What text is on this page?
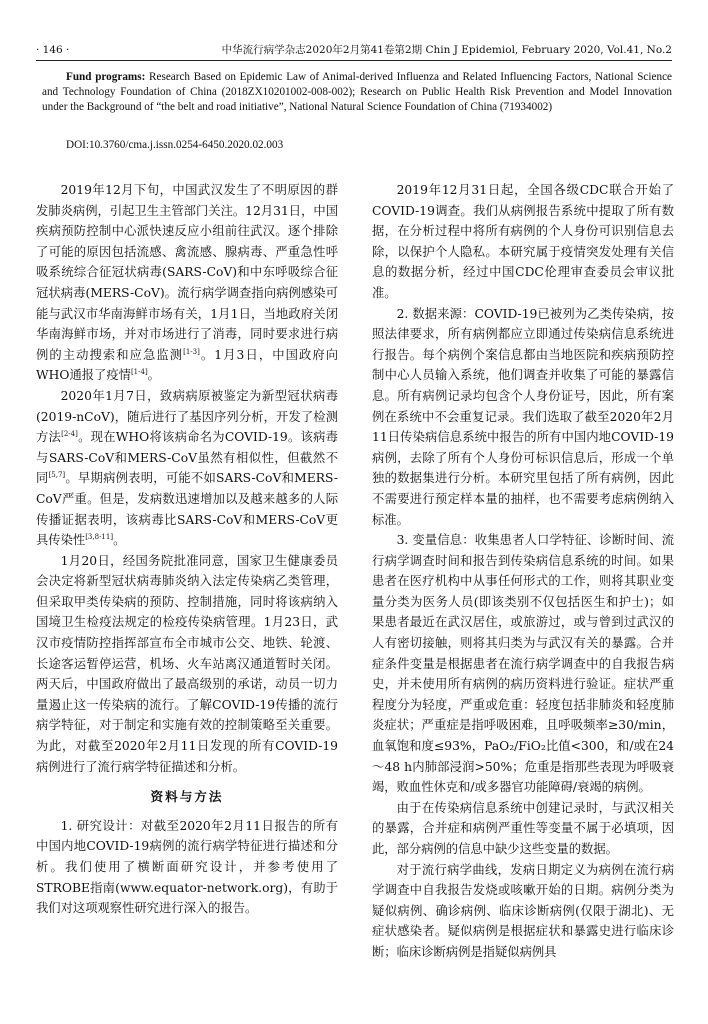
· 146 ·	中华流行病学杂志2020年2月第41卷第2期 Chin J Epidemiol, February 2020, Vol.41, No.2
Fund programs: Research Based on Epidemic Law of Animal-derived Influenza and Related Influencing Factors, National Science and Technology Foundation of China (2018ZX10201002-008-002); Research on Public Health Risk Prevention and Model Innovation under the Background of “the belt and road initiative”, National Natural Science Foundation of China (71934002)
DOI:10.3760/cma.j.issn.0254-6450.2020.02.003

2019年12月下旬，中国武汉发生了不明原因的群发肺炎病例，引起卫生主管部门关注。12月31日，中国疾病预防控制中心派快速反应小组前往武汉。逐个排除了可能的原因包括流感、禽流感、腺病毒、严重急性呼吸系统综合征冠状病毒(SARS-CoV)和中东呼吸综合征冠状病毒(MERS-CoV)。流行病学调查指向病例感染可能与武汉市华南海鲜市场有关，1月1日，当地政府关闭华南海鲜市场，并对市场进行了消毒，同时要求进行病例的主动搜索和应急监测[1-3]。1月3日，中国政府向WHO通报了疫情[1-4]。

2020年1月7日，致病病原被鉴定为新型冠状病毒(2019-nCoV)，随后进行了基因序列分析，开发了检测方法[2-4]。现在WHO将该病命名为COVID-19。该病毒与SARS-CoV和MERS-CoV虽然有相似性，但截然不同[5,7]。早期病例表明，可能不如SARS-CoV和MERS-CoV严重。但是，发病数迅速增加以及越来越多的人际传播证据表明，该病毒比SARS-CoV和MERS-CoV更具传染性[3,8-11]。

1月20日，经国务院批准同意，国家卫生健康委员会决定将新型冠状病毒肺炎纳入法定传染病乙类管理，但采取甲类传染病的预防、控制措施，同时将该病纳入国境卫生检疫法规定的检疫传染病管理。1月23日，武汉市疫情防控指挥部宣布全市城市公交、地铁、轮渡、长途客运暂停运营，机场、火车站离汉通道暂时关闭。两天后，中国政府做出了最高级别的承诺，动员一切力量遏止这一传染病的流行。了解COVID-19传播的流行病学特征，对于制定和实施有效的控制策略至关重要。为此，对截至2020年2月11日发现的所有COVID-19病例进行了流行病学特征描述和分析。

资料与方法

1. 研究设计：对截至2020年2月11日报告的所有中国内地COVID-19病例的流行病学特征进行描述和分析。我们使用了横断面研究设计，并参考使用了STROBE指南(www.equator-network.org)，有助于我们对这项观察性研究进行深入的报告。

2019年12月31日起，全国各级CDC联合开始了COVID-19调查。我们从病例报告系统中提取了所有数据，在分析过程中将所有病例的个人身份可识别信息去除，以保护个人隐私。本研究属于疫情突发处理有关信息的数据分析，经过中国CDC伦理审查委员会审议批准。

2. 数据来源：COVID-19已被列为乙类传染病，按照法律要求，所有病例都应立即通过传染病信息系统进行报告。每个病例个案信息都由当地医院和疾病预防控制中心人员输入系统，他们调查并收集了可能的暴露信息。所有病例记录均包含个人身份证号，因此，所有案例在系统中不会重复记录。我们选取了截至2020年2月11日传染病信息系统中报告的所有中国内地COVID-19病例，去除了所有个人身份可标识信息后，形成一个单独的数据集进行分析。本研究里包括了所有病例，因此不需要进行预定样本量的抽样，也不需要考虑病例纳入标准。

3. 变量信息：收集患者人口学特征、诊断时间、流行病学调查时间和报告到传染病信息系统的时间。如果患者在医疗机构中从事任何形式的工作，则将其职业变量分类为医务人员(即该类别不仅包括医生和护士)；如果患者最近在武汉居住，或旅游过，或与曾到过武汉的人有密切接触，则将其归类为与武汉有关的暴露。合并症条件变量是根据患者在流行病学调查中的自我报告病史，并未使用所有病例的病历资料进行验证。症状严重程度分为轻度，严重或危重：轻度包括非肺炎和轻度肺炎症状；严重症是指呼吸困难，且呼吸频率≥30/min，血氧饱和度≤93%，PaO₂/FiO₂比值<300，和/或在24～48 h内肺部浸润>50%；危重是指那些表现为呼吸衰竭，败血性休克和/或多器官功能障碍/衰竭的病例。

由于在传染病信息系统中创建记录时，与武汉相关的暴露，合并症和病例严重性等变量不属于必填项，因此，部分病例的信息中缺少这些变量的数据。

对于流行病学曲线，发病日期定义为病例在流行病学调查中自我报告发烧或咳嗽开始的日期。病例分类为疑似病例、确诊病例、临床诊断病例(仅限于湖北)、无症状感染者。疑似病例是根据症状和暴露史进行临床诊断；临床诊断病例是指疑似病例具
